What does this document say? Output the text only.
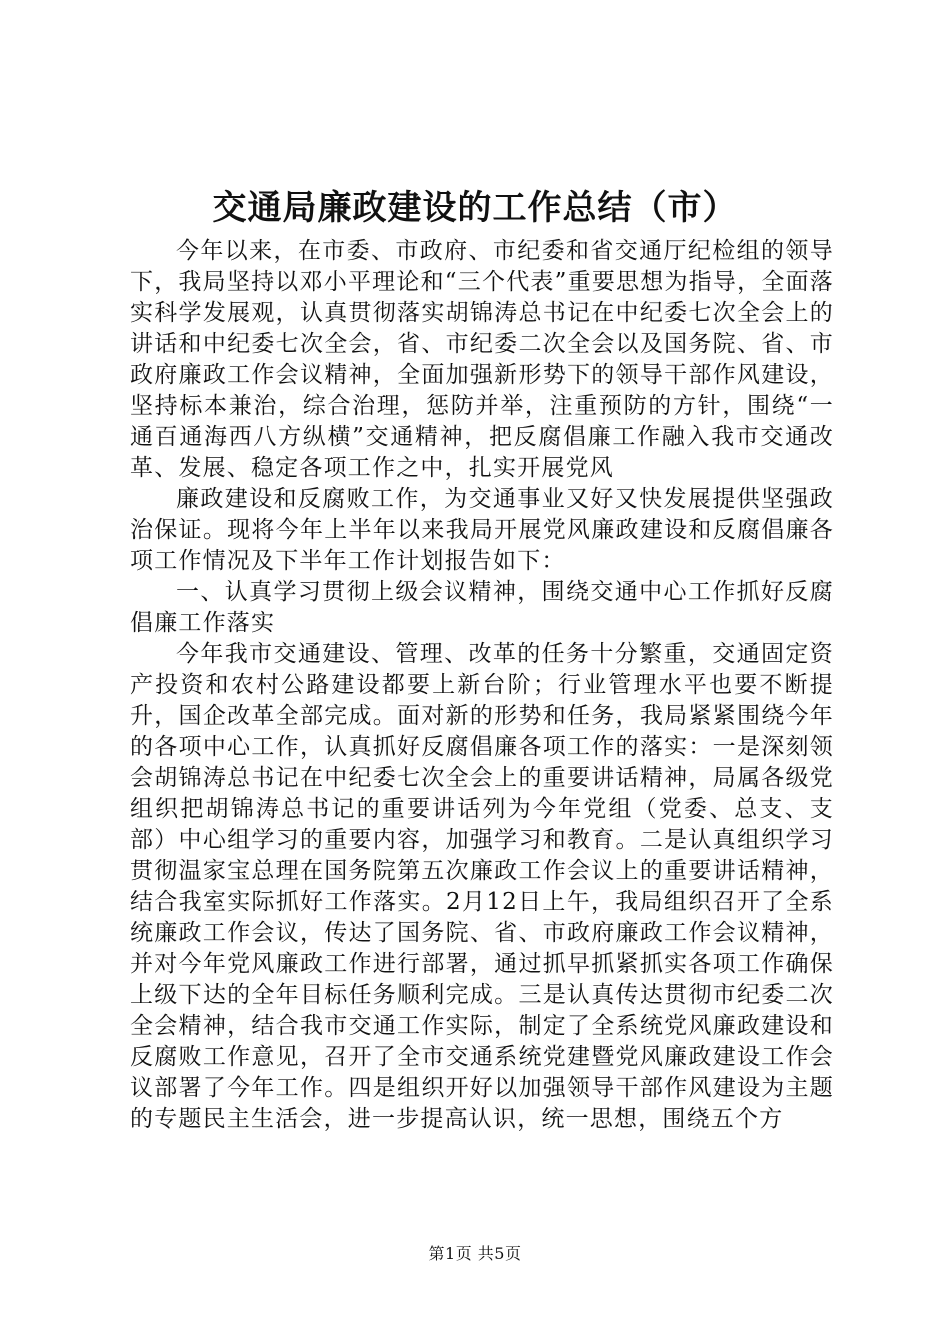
交通局廉政建设的工作总结（市）

今年以来，在市委、市政府、市纪委和省交通厅纪检组的领导下，我局坚持以邓小平理论和“三个代表”重要思想为指导，全面落实科学发展观，认真贯彻落实胡锦涛总书记在中纪委七次全会上的讲话和中纪委七次全会，省、市纪委二次全会以及国务院、省、市政府廉政工作会议精神，全面加强新形势下的领导干部作风建设，坚持标本兼治，综合治理，惩防并举，注重预防的方针，围绕“一通百通海西八方纵横”交通精神，把反腐倡廉工作融入我市交通改革、发展、稳定各项工作之中，扎实开展党风

廉政建设和反腐败工作，为交通事业又好又快发展提供坚强政治保证。现将今年上半年以来我局开展党风廉政建设和反腐倡廉各项工作情况及下半年工作计划报告如下：

一、认真学习贯彻上级会议精神，围绕交通中心工作抓好反腐倡廉工作落实

今年我市交通建设、管理、改革的任务十分繁重，交通固定资产投资和农村公路建设都要上新台阶；行业管理水平也要不断提升，国企改革全部完成。面对新的形势和任务，我局紧紧围绕今年的各项中心工作，认真抓好反腐倡廉各项工作的落实：一是深刻领会胡锦涛总书记在中纪委七次全会上的重要讲话精神，局属各级党组织把胡锦涛总书记的重要讲话列为今年党组（党委、总支、支部）中心组学习的重要内容，加强学习和教育。二是认真组织学习贯彻温家宝总理在国务院第五次廉政工作会议上的重要讲话精神，结合我室实际抓好工作落实。2月12日上午，我局组织召开了全系统廉政工作会议，传达了国务院、省、市政府廉政工作会议精神，并对今年党风廉政工作进行部署，通过抓早抓紧抓实各项工作确保上级下达的全年目标任务顺利完成。三是认真传达贯彻市纪委二次全会精神，结合我市交通工作实际，制定了全系统党风廉政建设和反腐败工作意见，召开了全市交通系统党建暨党风廉政建设工作会议部署了今年工作。四是组织开好以加强领导干部作风建设为主题的专题民主生活会，进一步提高认识，统一思想，围绕五个方

第1页 共5页
